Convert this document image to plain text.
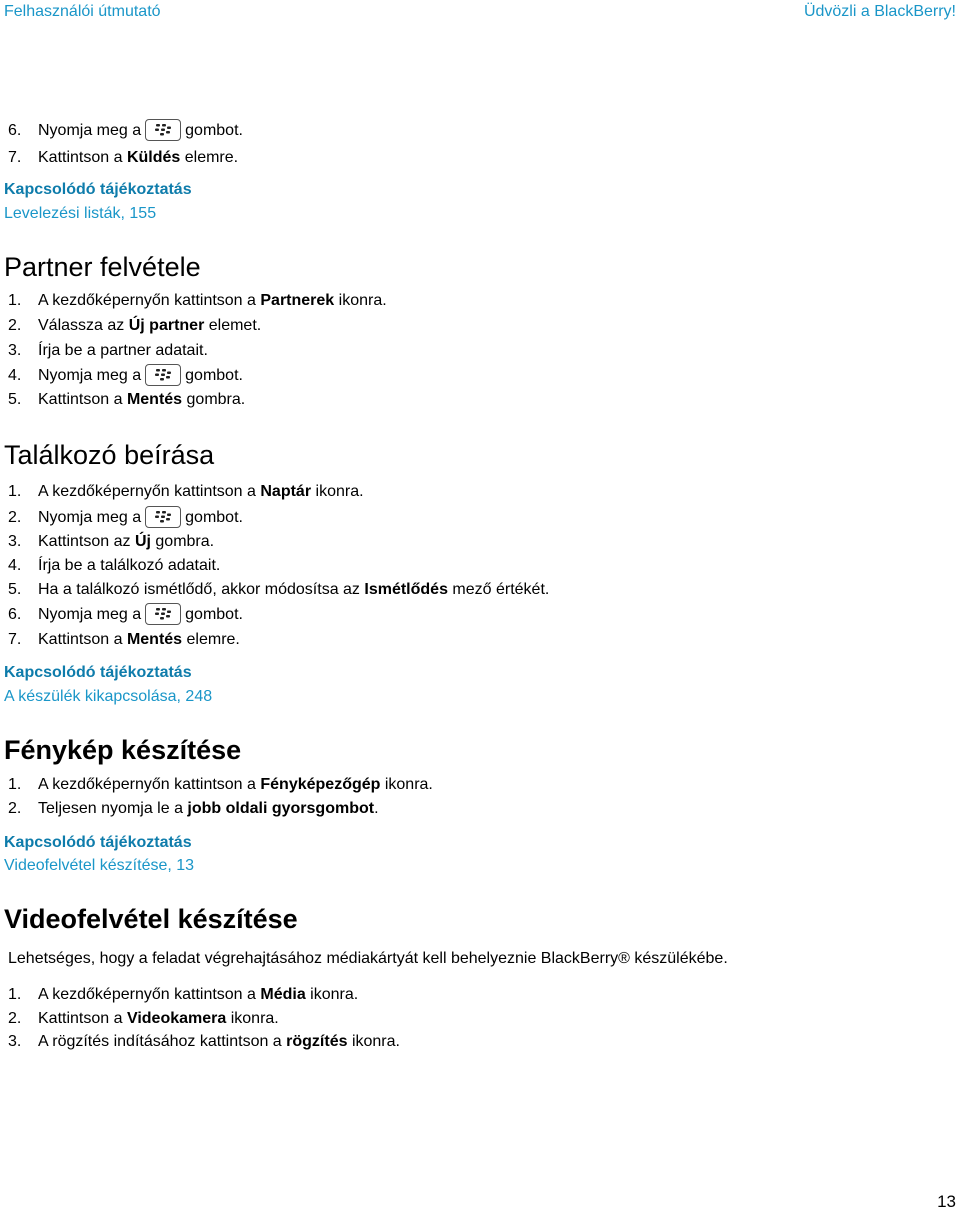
Felhasználói útmutató	Üdvözli a BlackBerry!
6. Nyomja meg a	gombot.
7. Kattintson a Küldés elemre.
Kapcsolódó tájékoztatás
Levelezési listák, 155
Partner felvétele
1. A kezdőképernyőn kattintson a Partnerek ikonra.
2. Válassza az Új partner elemet.
3. Írja be a partner adatait.
4. Nyomja meg a	gombot.
5. Kattintson a Mentés gombra.
Találkozó beírása
1. A kezdőképernyőn kattintson a Naptár ikonra.
2. Nyomja meg a	gombot.
3. Kattintson az Új gombra.
4. Írja be a találkozó adatait.
5. Ha a találkozó ismétlődő, akkor módosítsa az Ismétlődés mező értékét.
6. Nyomja meg a	gombot.
7. Kattintson a Mentés elemre.
Kapcsolódó tájékoztatás
A készülék kikapcsolása, 248
Fénykép készítése
1. A kezdőképernyőn kattintson a Fényképezőgép ikonra.
2. Teljesen nyomja le a jobb oldali gyorsgombot.
Kapcsolódó tájékoztatás
Videofelvétel készítése, 13
Videofelvétel készítése
Lehetséges, hogy a feladat végrehajtásához médiakártyát kell behelyeznie BlackBerry® készülékébe.
1. A kezdőképernyőn kattintson a Média ikonra.
2. Kattintson a Videokamera ikonra.
3. A rögzítés indításához kattintson a rögzítés ikonra.
13
